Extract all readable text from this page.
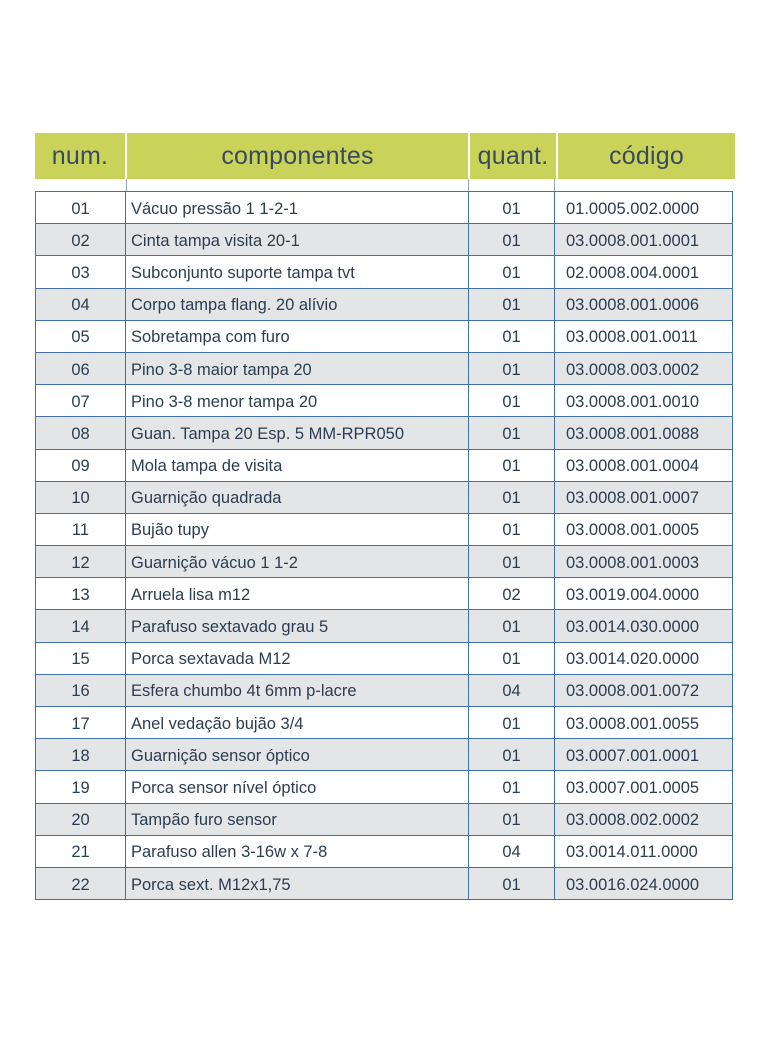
num.	componentes	quant.	código
01	Vácuo pressão 1 1-2-1	01	01.0005.002.0000
02	Cinta tampa visita 20-1	01	03.0008.001.0001
03	Subconjunto suporte tampa tvt	01	02.0008.004.0001
04	Corpo tampa flang. 20 alívio	01	03.0008.001.0006
05	Sobretampa com furo	01	03.0008.001.0011
06	Pino 3-8 maior tampa 20	01	03.0008.003.0002
07	Pino 3-8 menor tampa 20	01	03.0008.001.0010
08	Guan. Tampa 20 Esp. 5 MM-RPR050	01	03.0008.001.0088
09	Mola tampa de visita	01	03.0008.001.0004
10	Guarnição quadrada	01	03.0008.001.0007
11	Bujão tupy	01	03.0008.001.0005
12	Guarnição vácuo 1 1-2	01	03.0008.001.0003
13	Arruela lisa m12	02	03.0019.004.0000
14	Parafuso sextavado grau 5	01	03.0014.030.0000
15	Porca sextavada M12	01	03.0014.020.0000
16	Esfera chumbo 4t 6mm p-lacre	04	03.0008.001.0072
17	Anel vedação bujão 3/4	01	03.0008.001.0055
18	Guarnição sensor óptico	01	03.0007.001.0001
19	Porca sensor nível óptico	01	03.0007.001.0005
20	Tampão furo sensor	01	03.0008.002.0002
21	Parafuso allen 3-16w x 7-8	04	03.0014.011.0000
22	Porca sext. M12x1,75	01	03.0016.024.0000
